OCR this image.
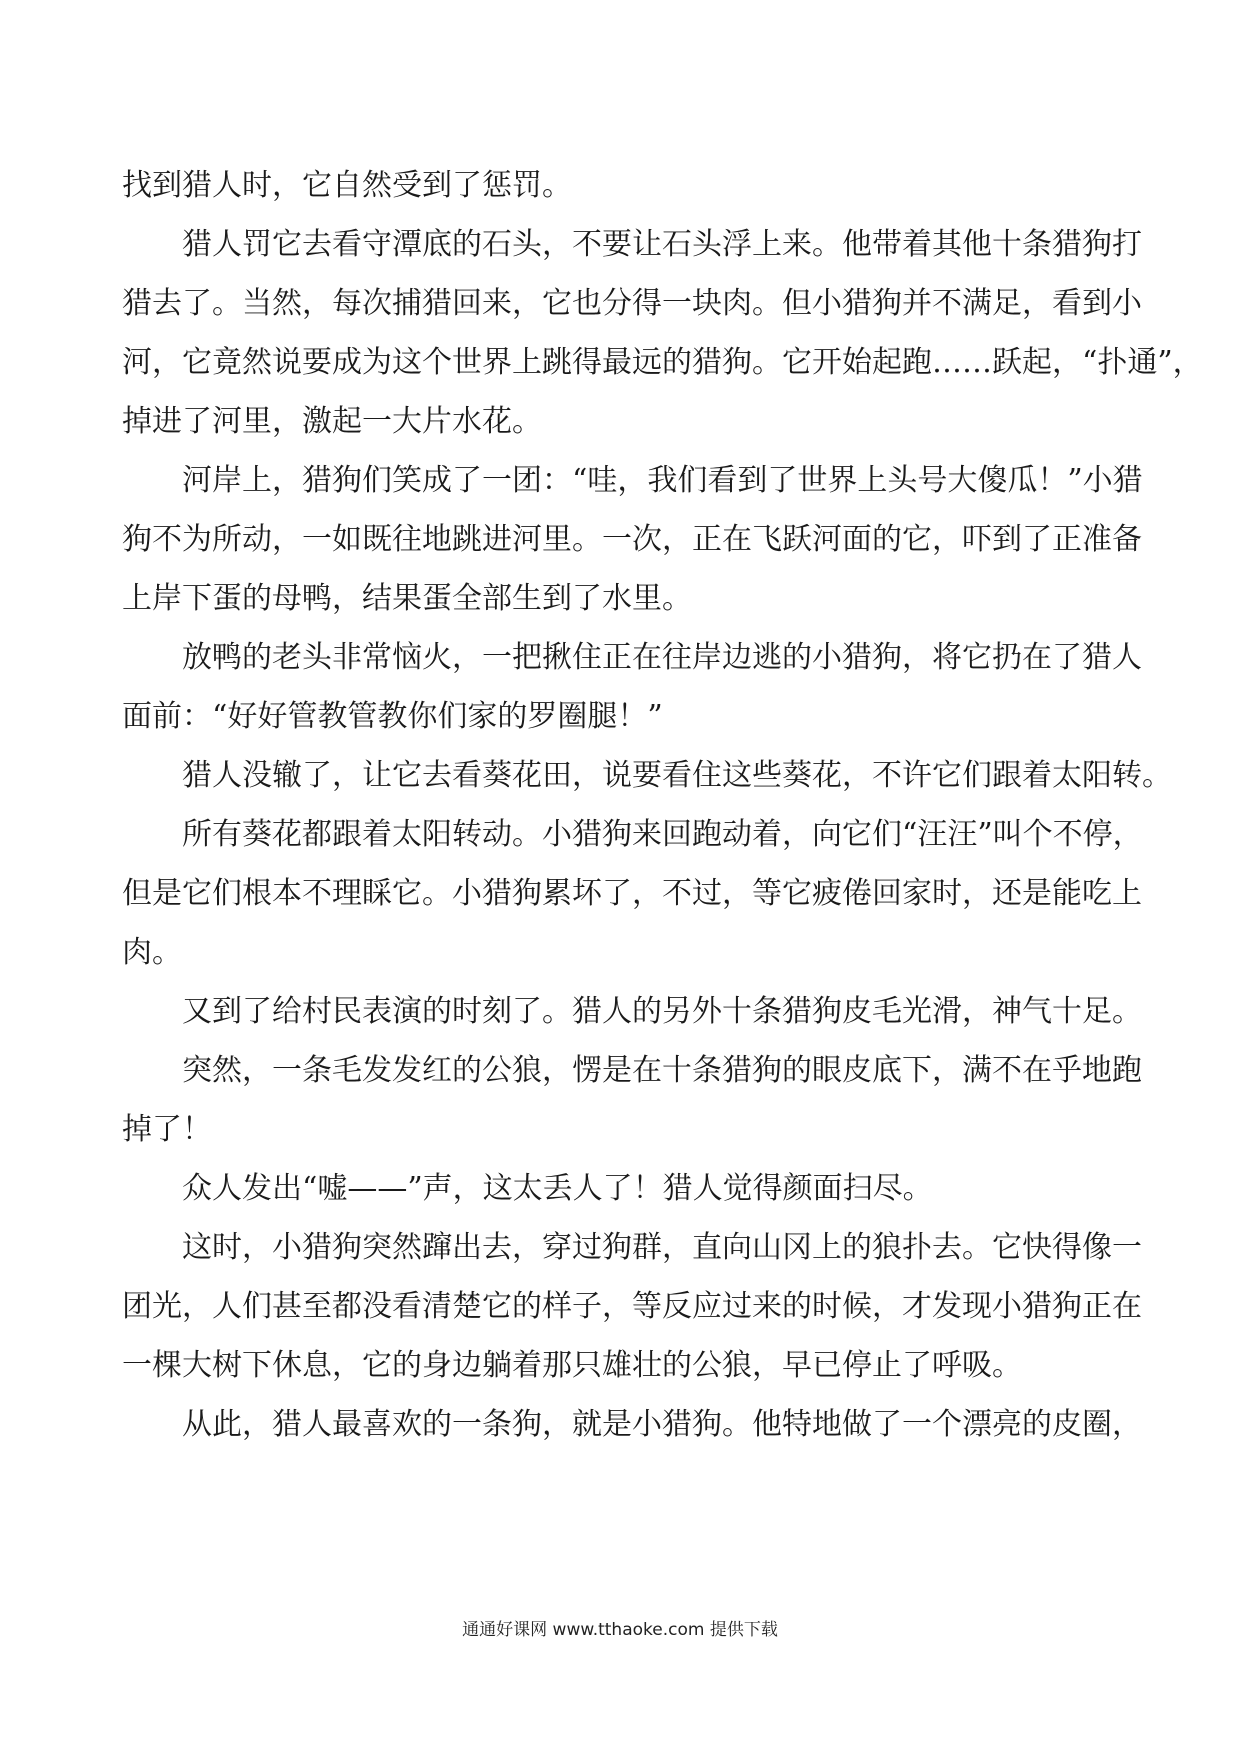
找到猎人时，它自然受到了惩罚。
猎人罚它去看守潭底的石头，不要让石头浮上来。他带着其他十条猎狗打
猎去了。当然，每次捕猎回来，它也分得一块肉。但小猎狗并不满足，看到小
河，它竟然说要成为这个世界上跳得最远的猎狗。它开始起跑……跃起，“扑通”，
掉进了河里，激起一大片水花。
河岸上，猎狗们笑成了一团：“哇，我们看到了世界上头号大傻瓜！”小猎
狗不为所动，一如既往地跳进河里。一次，正在飞跃河面的它，吓到了正准备
上岸下蛋的母鸭，结果蛋全部生到了水里。
放鸭的老头非常恼火，一把揪住正在往岸边逃的小猎狗，将它扔在了猎人
面前：“好好管教管教你们家的罗圈腿！”
猎人没辙了，让它去看葵花田，说要看住这些葵花，不许它们跟着太阳转。
所有葵花都跟着太阳转动。小猎狗来回跑动着，向它们“汪汪”叫个不停，
但是它们根本不理睬它。小猎狗累坏了，不过，等它疲倦回家时，还是能吃上
肉。
又到了给村民表演的时刻了。猎人的另外十条猎狗皮毛光滑，神气十足。
突然，一条毛发发红的公狼，愣是在十条猎狗的眼皮底下，满不在乎地跑
掉了！
众人发出“嘘——”声，这太丢人了！猎人觉得颜面扫尽。
这时，小猎狗突然蹿出去，穿过狗群，直向山冈上的狼扑去。它快得像一
团光，人们甚至都没看清楚它的样子，等反应过来的时候，才发现小猎狗正在
一棵大树下休息，它的身边躺着那只雄壮的公狼，早已停止了呼吸。
从此，猎人最喜欢的一条狗，就是小猎狗。他特地做了一个漂亮的皮圈，
通通好课网 www.tthaoke.com 提供下载
